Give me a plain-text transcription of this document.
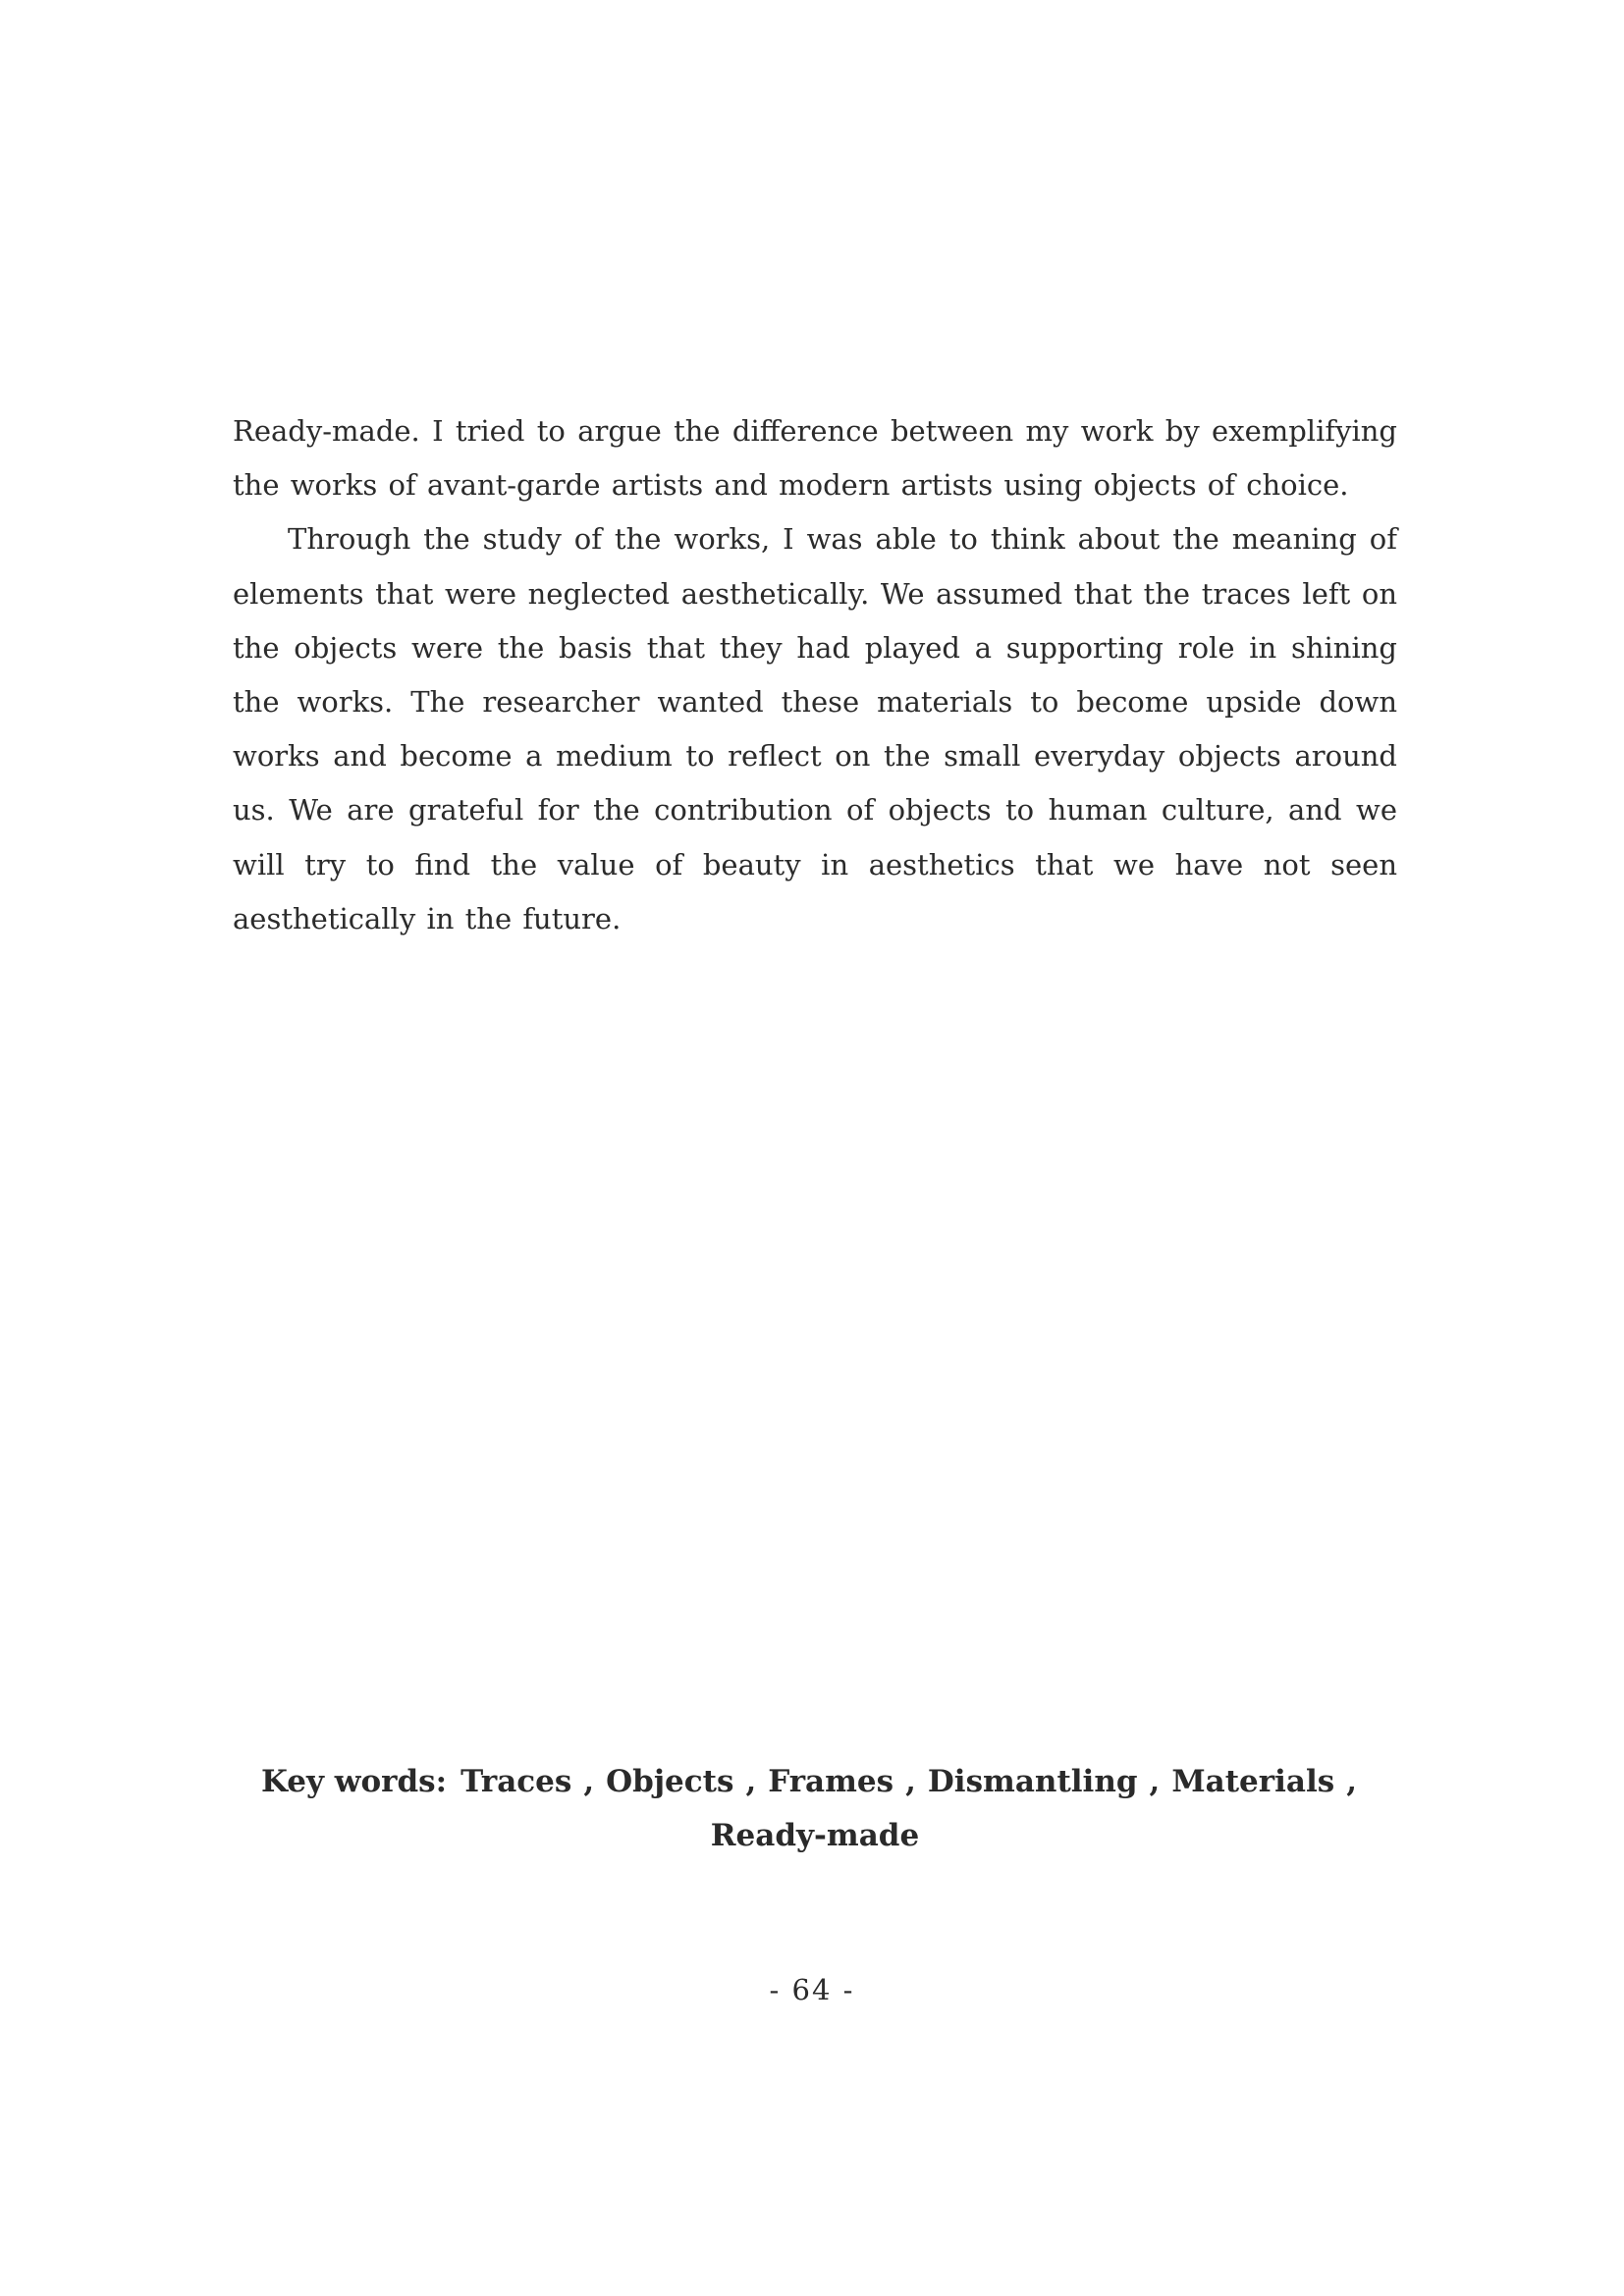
Ready-made. I tried to argue the difference between my work by exemplifying the works of avant-garde artists and modern artists using objects of choice.

Through the study of the works, I was able to think about the meaning of elements that were neglected aesthetically. We assumed that the traces left on the objects were the basis that they had played a supporting role in shining the works. The researcher wanted these materials to become upside down works and become a medium to reflect on the small everyday objects around us. We are grateful for the contribution of objects to human culture, and we will try to find the value of beauty in aesthetics that we have not seen aesthetically in the future.

Key words: Traces , Objects , Frames , Dismantling , Materials ,
Ready-made
- 64 -
